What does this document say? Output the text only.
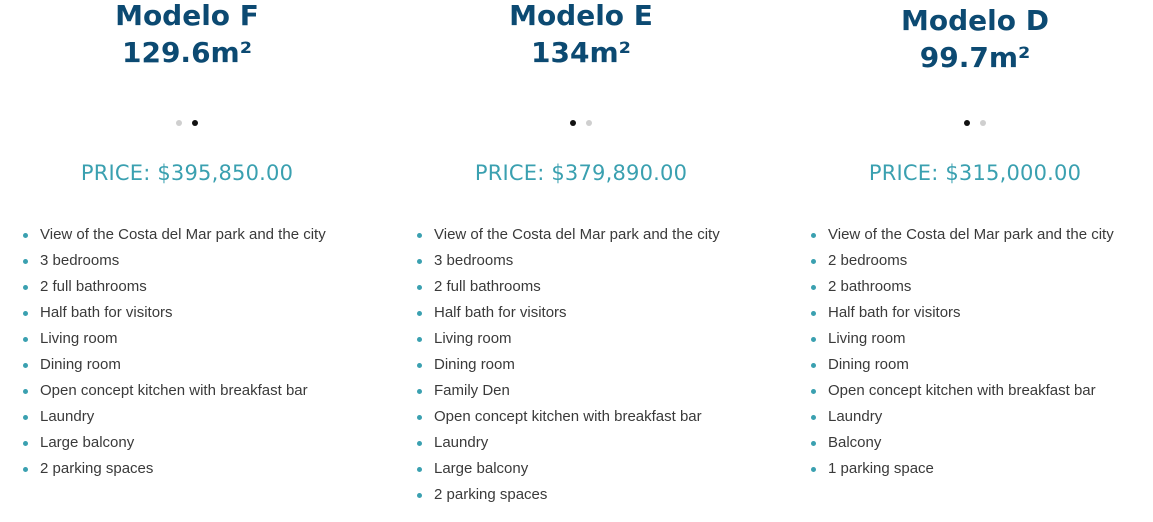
Modelo F
129.6m²
PRICE: $395,850.00
View of the Costa del Mar park and the city
3 bedrooms
2 full bathrooms
Half bath for visitors
Living room
Dining room
Open concept kitchen with breakfast bar
Laundry
Large balcony
2 parking spaces
Modelo E
134m²
PRICE: $379,890.00
View of the Costa del Mar park and the city
3 bedrooms
2 full bathrooms
Half bath for visitors
Living room
Dining room
Family Den
Open concept kitchen with breakfast bar
Laundry
Large balcony
2 parking spaces
Modelo D
99.7m²
PRICE: $315,000.00
View of the Costa del Mar park and the city
2 bedrooms
2 bathrooms
Half bath for visitors
Living room
Dining room
Open concept kitchen with breakfast bar
Laundry
Balcony
1 parking space
